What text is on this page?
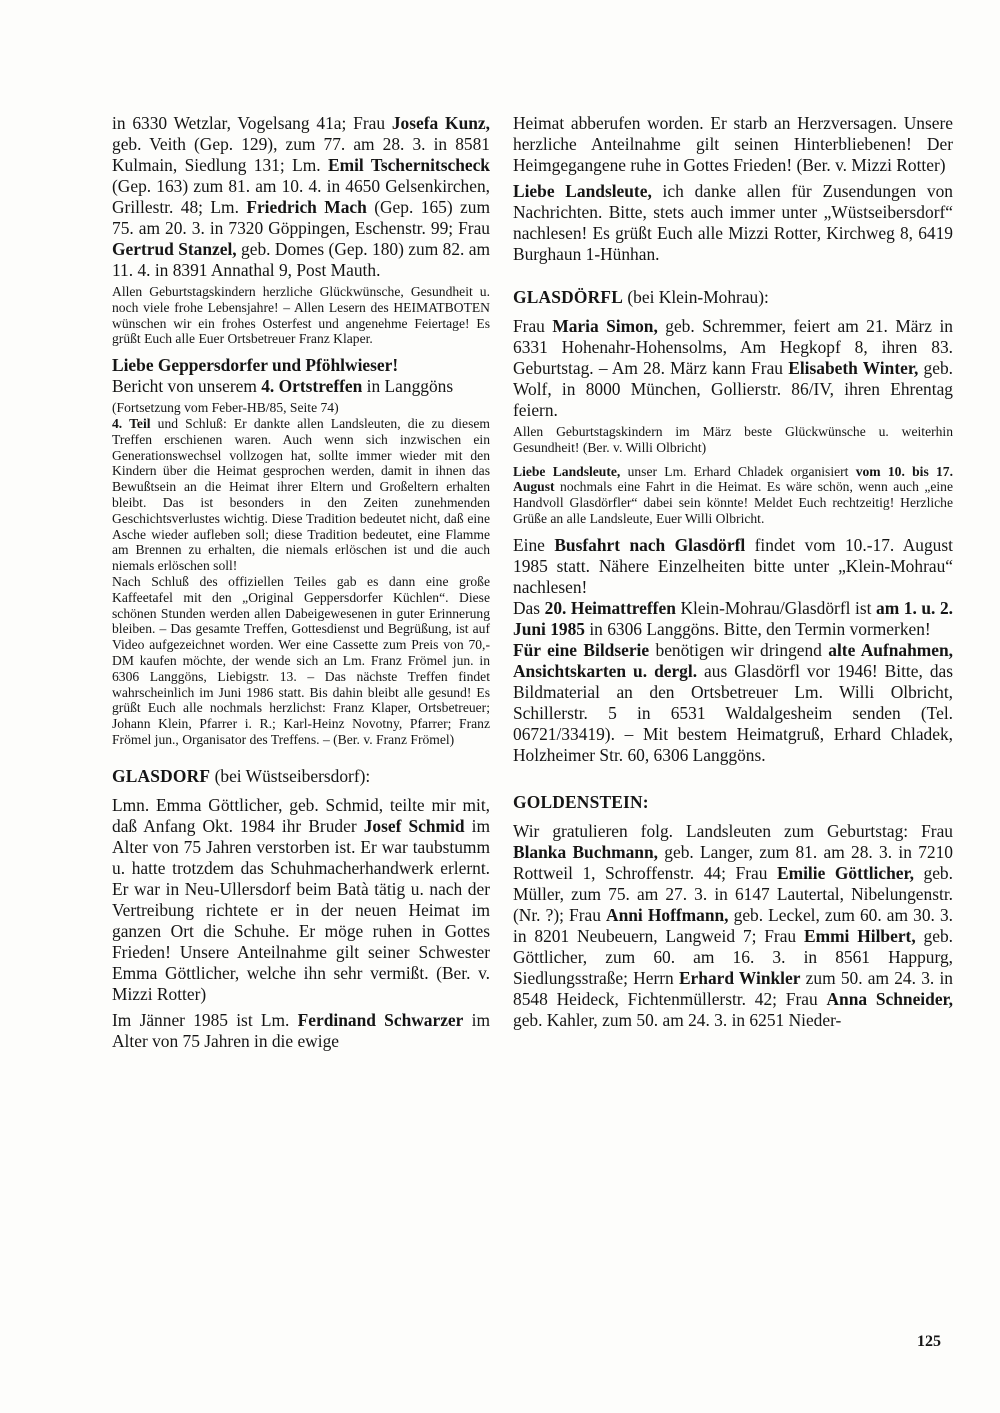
in 6330 Wetzlar, Vogelsang 41a; Frau Josefa Kunz, geb. Veith (Gep. 129), zum 77. am 28. 3. in 8581 Kulmain, Siedlung 131; Lm. Emil Tschernitscheck (Gep. 163) zum 81. am 10. 4. in 4650 Gelsenkirchen, Grillestr. 48; Lm. Friedrich Mach (Gep. 165) zum 75. am 20. 3. in 7320 Göppingen, Eschenstr. 99; Frau Gertrud Stanzel, geb. Domes (Gep. 180) zum 82. am 11. 4. in 8391 Annathal 9, Post Mauth.

Allen Geburtstagskindern herzliche Glückwünsche, Gesundheit u. noch viele frohe Lebensjahre! – Allen Lesern des HEIMATBOTEN wünschen wir ein frohes Osterfest und angenehme Feiertage! Es grüßt Euch alle Euer Ortsbetreuer Franz Klaper.

Liebe Geppersdorfer und Pföhlwieser!

Bericht von unserem 4. Ortstreffen in Langgöns

(Fortsetzung vom Feber-HB/85, Seite 74)

4. Teil und Schluß: Er dankte allen Landsleuten, die zu diesem Treffen erschienen waren. Auch wenn sich inzwischen ein Generationswechsel vollzogen hat, sollte immer wieder mit den Kindern über die Heimat gesprochen werden, damit in ihnen das Bewußtsein an die Heimat ihrer Eltern und Großeltern erhalten bleibt. Das ist besonders in den Zeiten zunehmenden Geschichtsverlustes wichtig. Diese Tradition bedeutet nicht, daß eine Asche wieder aufleben soll; diese Tradition bedeutet, eine Flamme am Brennen zu erhalten, die niemals erlöschen ist und die auch niemals erlöschen soll!

Nach Schluß des offiziellen Teiles gab es dann eine große Kaffeetafel mit den „Original Geppersdorfer Küchlen“. Diese schönen Stunden werden allen Dabeigewesenen in guter Erinnerung bleiben. – Das gesamte Treffen, Gottesdienst und Begrüßung, ist auf Video aufgezeichnet worden. Wer eine Cassette zum Preis von 70,- DM kaufen möchte, der wende sich an Lm. Franz Frömel jun. in 6306 Langgöns, Liebigstr. 13. – Das nächste Treffen findet wahrscheinlich im Juni 1986 statt. Bis dahin bleibt alle gesund! Es grüßt Euch alle nochmals herzlichst: Franz Klaper, Ortsbetreuer; Johann Klein, Pfarrer i. R.; Karl-Heinz Novotny, Pfarrer; Franz Frömel jun., Organisator des Treffens. – (Ber. v. Franz Frömel)

GLASDORF (bei Wüstseibersdorf):

Lmn. Emma Göttlicher, geb. Schmid, teilte mir mit, daß Anfang Okt. 1984 ihr Bruder Josef Schmid im Alter von 75 Jahren verstorben ist. Er war taubstumm u. hatte trotzdem das Schuhmacherhandwerk erlernt. Er war in Neu-Ullersdorf beim Batà tätig u. nach der Vertreibung richtete er in der neuen Heimat im ganzen Ort die Schuhe. Er möge ruhen in Gottes Frieden! Unsere Anteilnahme gilt seiner Schwester Emma Göttlicher, welche ihn sehr vermißt. (Ber. v. Mizzi Rotter)

Im Jänner 1985 ist Lm. Ferdinand Schwarzer im Alter von 75 Jahren in die ewige

Heimat abberufen worden. Er starb an Herzversagen. Unsere herzliche Anteilnahme gilt seinen Hinterbliebenen! Der Heimgegangene ruhe in Gottes Frieden! (Ber. v. Mizzi Rotter)

Liebe Landsleute, ich danke allen für Zusendungen von Nachrichten. Bitte, stets auch immer unter „Wüstseibersdorf“ nachlesen! Es grüßt Euch alle Mizzi Rotter, Kirchweg 8, 6419 Burghaun 1-Hünhan.

GLASDÖRFL (bei Klein-Mohrau):

Frau Maria Simon, geb. Schremmer, feiert am 21. März in 6331 Hohenahr-Hohensolms, Am Hegkopf 8, ihren 83. Geburtstag. – Am 28. März kann Frau Elisabeth Winter, geb. Wolf, in 8000 München, Gollierstr. 86/IV, ihren Ehrentag feiern.

Allen Geburtstagskindern im März beste Glückwünsche u. weiterhin Gesundheit! (Ber. v. Willi Olbricht)

Liebe Landsleute, unser Lm. Erhard Chladek organisiert vom 10. bis 17. August nochmals eine Fahrt in die Heimat. Es wäre schön, wenn auch „eine Handvoll Glasdörfler“ dabei sein könnte! Meldet Euch rechtzeitig! Herzliche Grüße an alle Landsleute, Euer Willi Olbricht.

Eine Busfahrt nach Glasdörfl findet vom 10.-17. August 1985 statt. Nähere Einzelheiten bitte unter „Klein-Mohrau“ nachlesen!

Das 20. Heimattreffen Klein-Mohrau/Glasdörfl ist am 1. u. 2. Juni 1985 in 6306 Langgöns. Bitte, den Termin vormerken!

Für eine Bildserie benötigen wir dringend alte Aufnahmen, Ansichtskarten u. dergl. aus Glasdörfl vor 1946! Bitte, das Bildmaterial an den Ortsbetreuer Lm. Willi Olbricht, Schillerstr. 5 in 6531 Waldalgesheim senden (Tel. 06721/33419). – Mit bestem Heimatgruß, Erhard Chladek, Holzheimer Str. 60, 6306 Langgöns.

GOLDENSTEIN:

Wir gratulieren folg. Landsleuten zum Geburtstag: Frau Blanka Buchmann, geb. Langer, zum 81. am 28. 3. in 7210 Rottweil 1, Schroffenstr. 44; Frau Emilie Göttlicher, geb. Müller, zum 75. am 27. 3. in 6147 Lautertal, Nibelungenstr. (Nr. ?); Frau Anni Hoffmann, geb. Leckel, zum 60. am 30. 3. in 8201 Neubeuern, Langweid 7; Frau Emmi Hilbert, geb. Göttlicher, zum 60. am 16. 3. in 8561 Happurg, Siedlungsstraße; Herrn Erhard Winkler zum 50. am 24. 3. in 8548 Heideck, Fichtenmüllerstr. 42; Frau Anna Schneider, geb. Kahler, zum 50. am 24. 3. in 6251 Nieder-

125
